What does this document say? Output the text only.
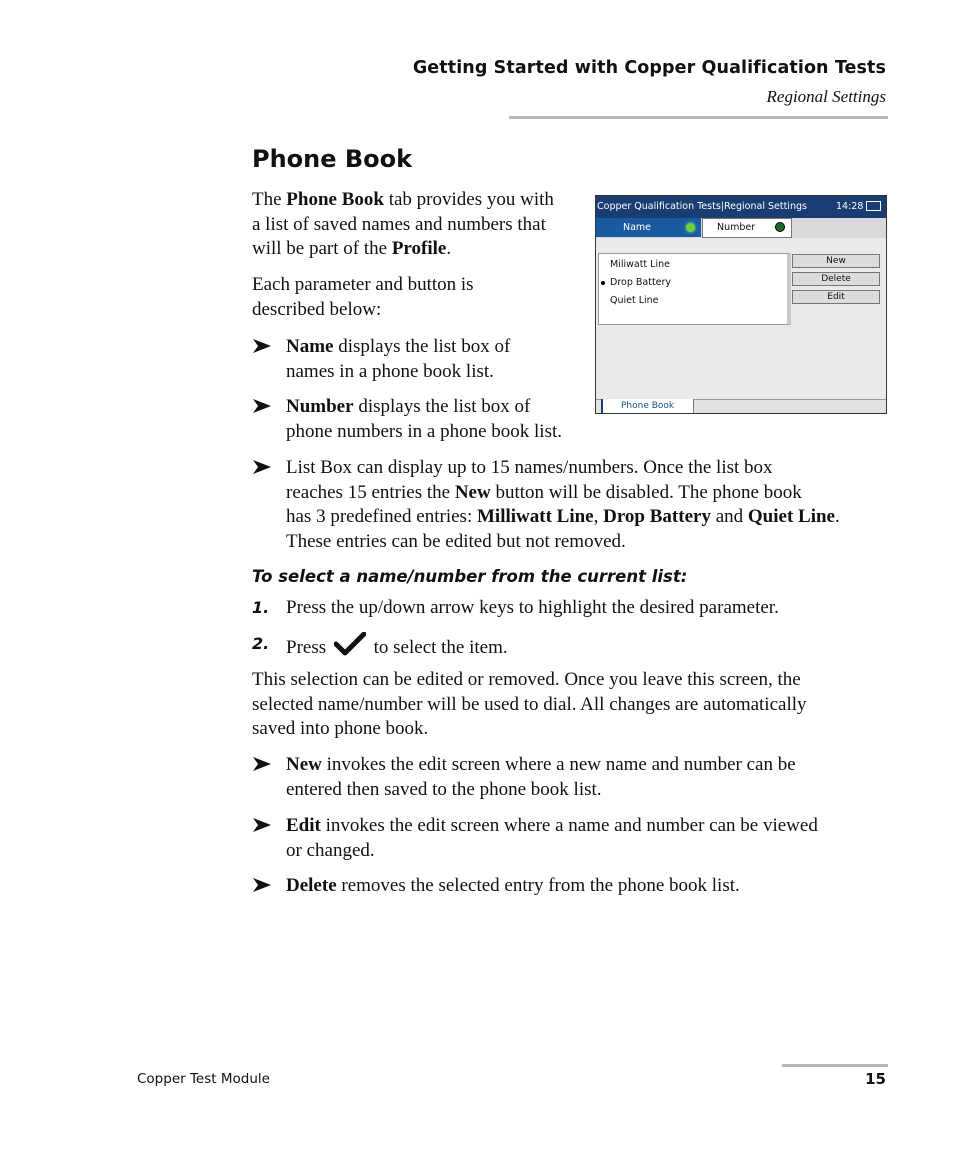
Getting Started with Copper Qualification Tests
Regional Settings
Phone Book
The Phone Book tab provides you with
a list of saved names and numbers that
will be part of the Profile.
Each parameter and button is
described below:
Name displays the list box of
names in a phone book list.
Number displays the list box of
phone numbers in a phone book list.
List Box can display up to 15 names/numbers. Once the list box
reaches 15 entries the New button will be disabled. The phone book
has 3 predefined entries: Milliwatt Line, Drop Battery and Quiet Line.
These entries can be edited but not removed.
To select a name/number from the current list:
1. Press the up/down arrow keys to highlight the desired parameter.
2. Press	to select the item.
This selection can be edited or removed. Once you leave this screen, the
selected name/number will be used to dial. All changes are automatically
saved into phone book.
New invokes the edit screen where a new name and number can be
entered then saved to the phone book list.
Edit invokes the edit screen where a name and number can be viewed
or changed.
Delete removes the selected entry from the phone book list.
Copper Qualification Tests|Regional Settings	14:28
Name	Number
Miliwatt Line
Drop Battery
Quiet Line
New
Delete
Edit
Phone Book
Copper Test Module	15
